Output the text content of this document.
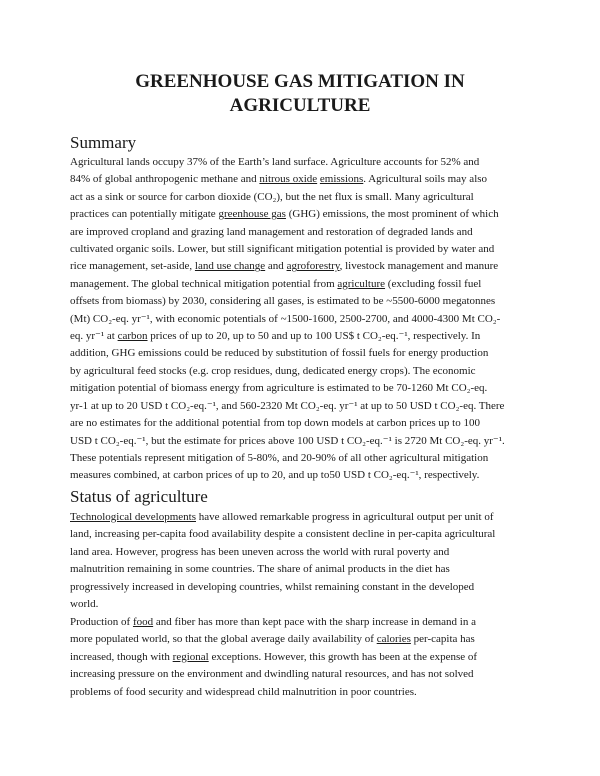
GREENHOUSE GAS MITIGATION IN
AGRICULTURE
Summary

Agricultural lands occupy 37% of the Earth’s land surface. Agriculture accounts for 52% and
84% of global anthropogenic methane and nitrous oxide emissions. Agricultural soils may also
act as a sink or source for carbon dioxide (CO₂), but the net flux is small. Many agricultural
practices can potentially mitigate greenhouse gas (GHG) emissions, the most prominent of which
are improved cropland and grazing land management and restoration of degraded lands and
cultivated organic soils. Lower, but still significant mitigation potential is provided by water and
rice management, set-aside, land use change and agroforestry, livestock management and manure
management. The global technical mitigation potential from agriculture (excluding fossil fuel
offsets from biomass) by 2030, considering all gases, is estimated to be ~5500-6000 megatonnes
(Mt) CO₂-eq. yr⁻¹, with economic potentials of ~1500-1600, 2500-2700, and 4000-4300 Mt CO₂-
eq. yr⁻¹ at carbon prices of up to 20, up to 50 and up to 100 US$ t CO₂-eq.⁻¹, respectively. In
addition, GHG emissions could be reduced by substitution of fossil fuels for energy production
by agricultural feed stocks (e.g. crop residues, dung, dedicated energy crops). The economic
mitigation potential of biomass energy from agriculture is estimated to be 70-1260 Mt CO₂-eq.
yr-1 at up to 20 USD t CO₂-eq.⁻¹, and 560-2320 Mt CO₂-eq. yr⁻¹ at up to 50 USD t CO₂-eq. There
are no estimates for the additional potential from top down models at carbon prices up to 100
USD t CO₂-eq.⁻¹, but the estimate for prices above 100 USD t CO₂-eq.⁻¹ is 2720 Mt CO₂-eq. yr⁻¹.
These potentials represent mitigation of 5-80%, and 20-90% of all other agricultural mitigation
measures combined, at carbon prices of up to 20, and up to50 USD t CO₂-eq.⁻¹, respectively.

Status of agriculture

Technological developments have allowed remarkable progress in agricultural output per unit of
land, increasing per-capita food availability despite a consistent decline in per-capita agricultural
land area. However, progress has been uneven across the world with rural poverty and
malnutrition remaining in some countries. The share of animal products in the diet has
progressively increased in developing countries, whilst remaining constant in the developed
world.

Production of food and fiber has more than kept pace with the sharp increase in demand in a
more populated world, so that the global average daily availability of calories per-capita has
increased, though with regional exceptions. However, this growth has been at the expense of
increasing pressure on the environment and dwindling natural resources, and has not solved
problems of food security and widespread child malnutrition in poor countries.
